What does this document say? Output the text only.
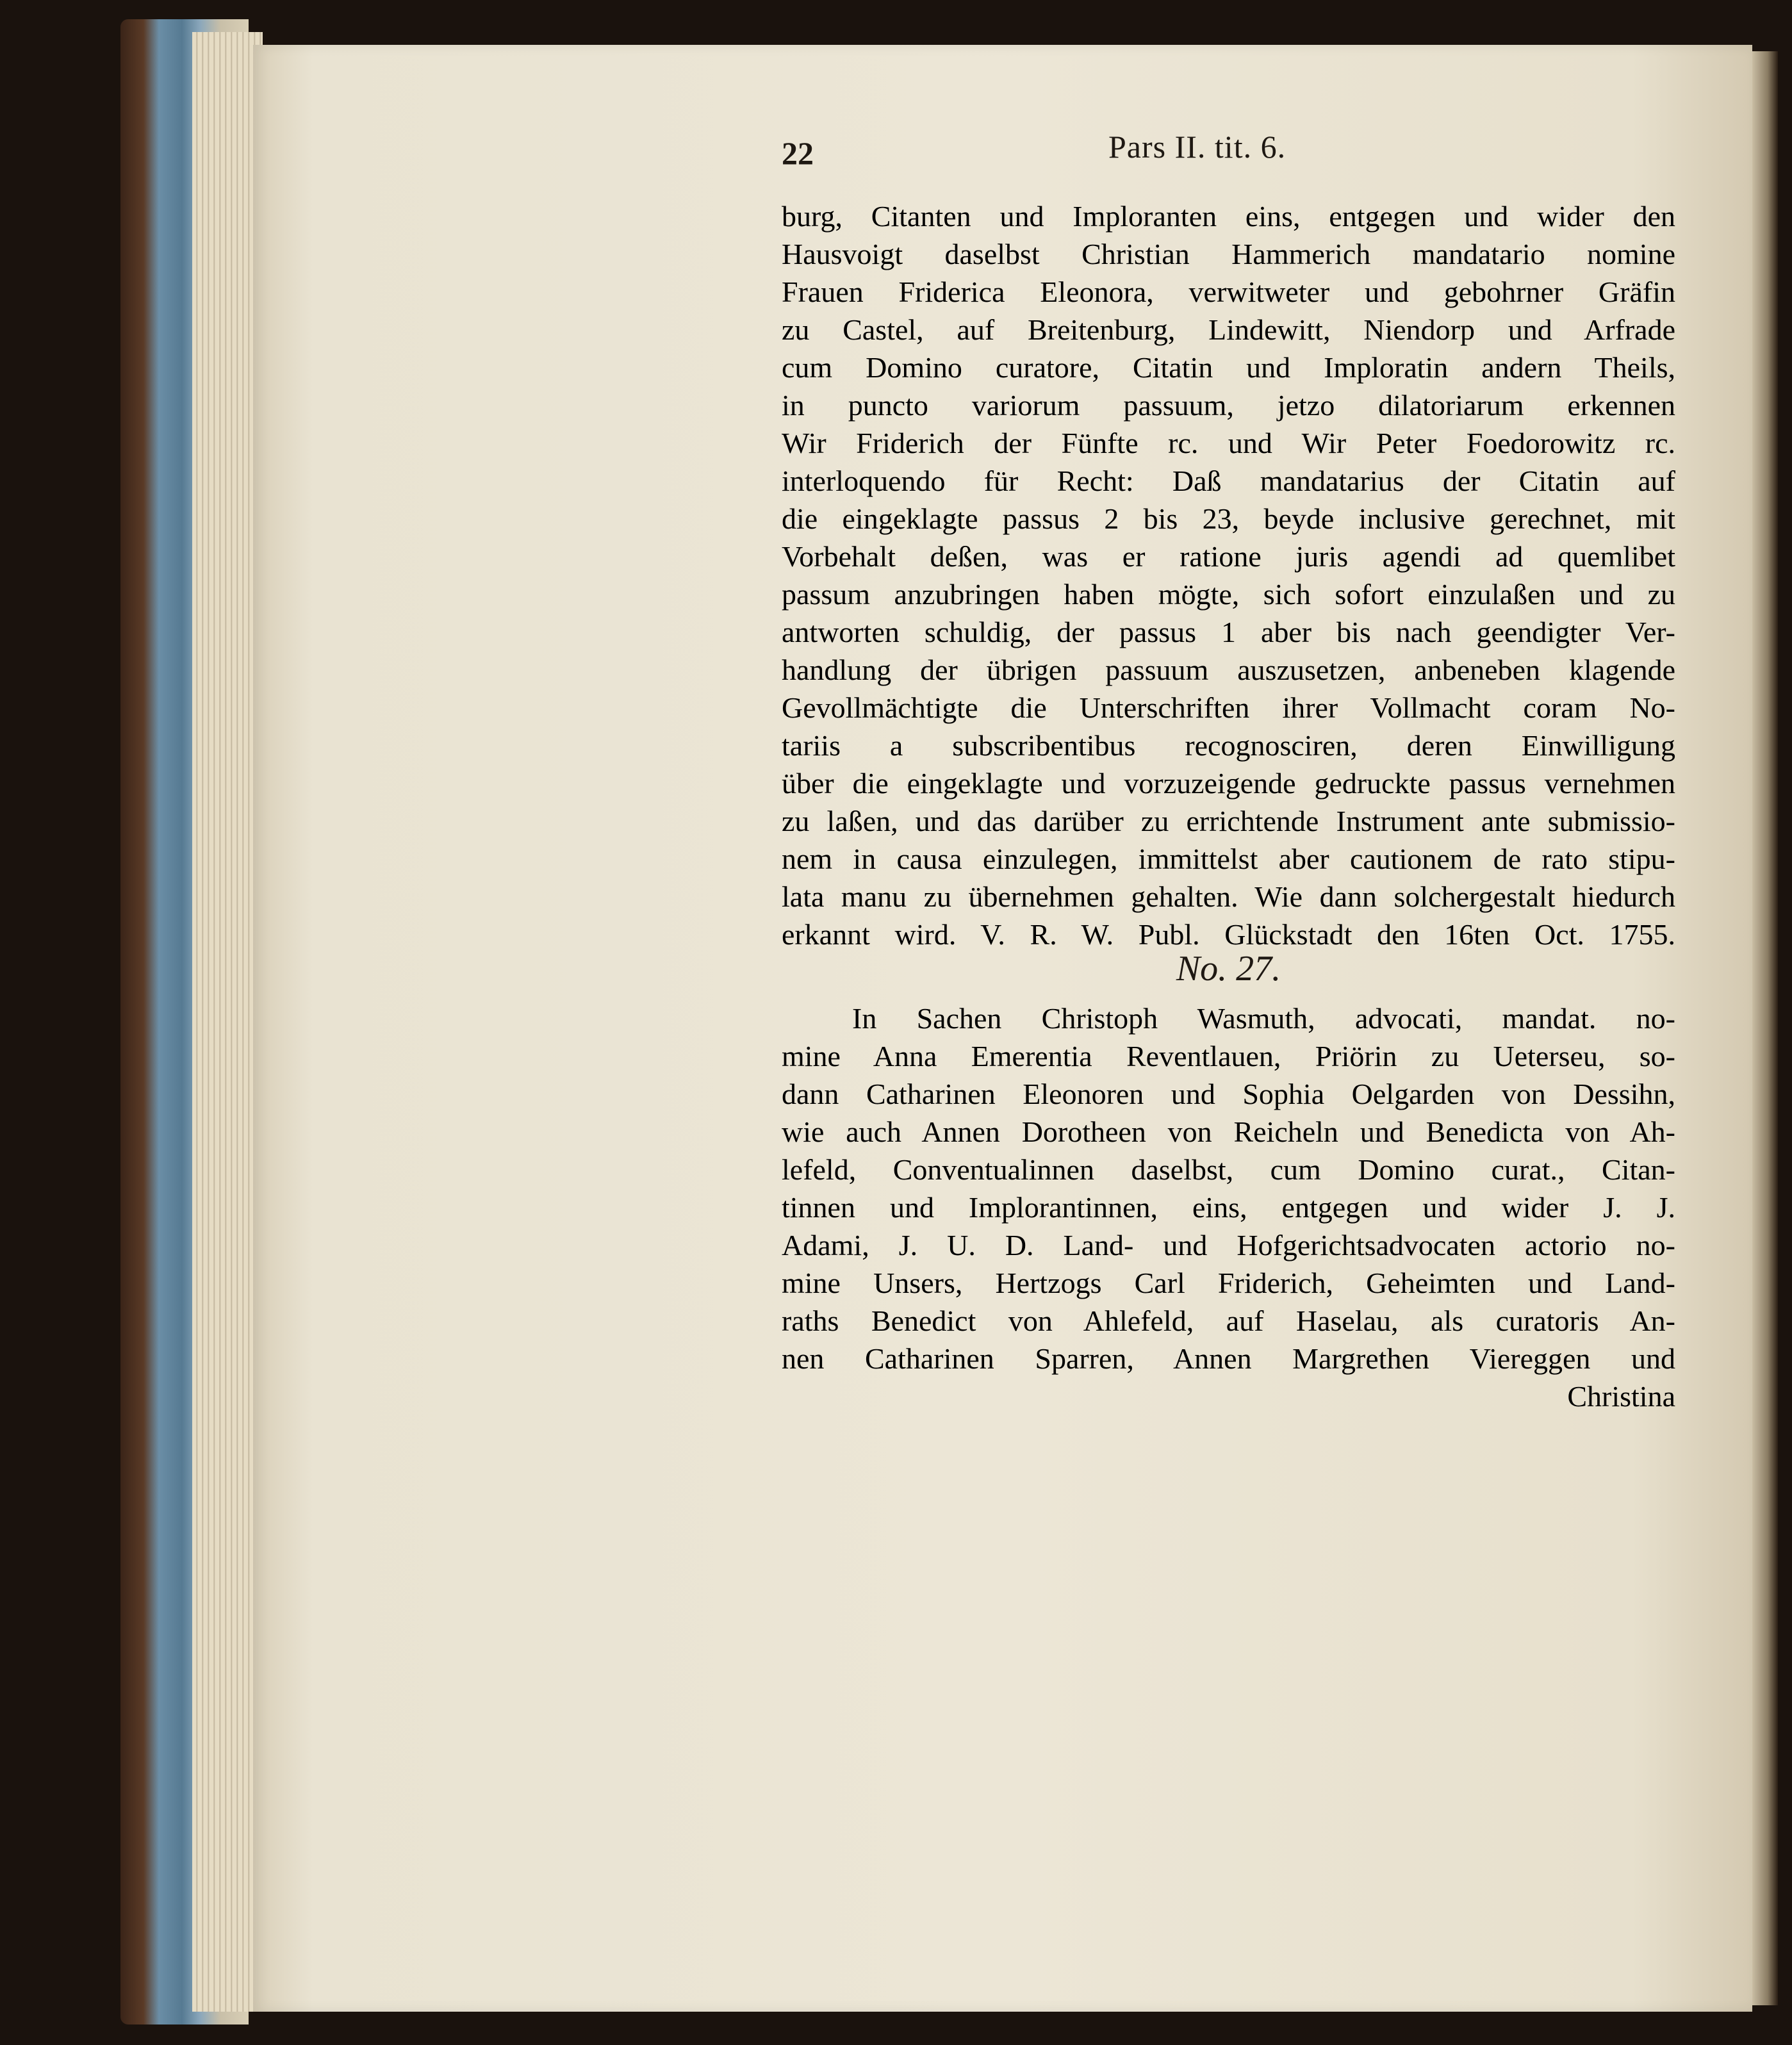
22	Pars II. tit. 6.
burg, Citanten und Imploranten eins, entgegen und wider den
Hausvoigt daselbst Christian Hammerich mandatario nomine
Frauen Friderica Eleonora, verwitweter und gebohrner Gräfin
zu Castel, auf Breitenburg, Lindewitt, Niendorp und Arfrade
cum Domino curatore, Citatin und Imploratin andern Theils,
in puncto variorum passuum, jetzo dilatoriarum erkennen
Wir Friderich der Fünfte rc. und Wir Peter Foedorowitz rc.
interloquendo für Recht: Daß mandatarius der Citatin auf
die eingeklagte passus 2 bis 23, beyde inclusive gerechnet, mit
Vorbehalt deßen, was er ratione juris agendi ad quemlibet
passum anzubringen haben mögte, sich sofort einzulaßen und zu
antworten schuldig, der passus 1 aber bis nach geendigter Ver-
handlung der übrigen passuum auszusetzen, anbeneben klagende
Gevollmächtigte die Unterschriften ihrer Vollmacht coram No-
tariis a subscribentibus recognosciren, deren Einwilligung
über die eingeklagte und vorzuzeigende gedruckte passus vernehmen
zu laßen, und das darüber zu errichtende Instrument ante submissio-
nem in causa einzulegen, immittelst aber cautionem de rato stipu-
lata manu zu übernehmen gehalten. Wie dann solchergestalt hiedurch
erkannt wird. V. R. W. Publ. Glückstadt den 16ten Oct. 1755.
No. 27.
In Sachen Christoph Wasmuth, advocati, mandat. no-
mine Anna Emerentia Reventlauen, Priörin zu Ueterseu, so-
dann Catharinen Eleonoren und Sophia Oelgarden von Dessihn,
wie auch Annen Dorotheen von Reicheln und Benedicta von Ah-
lefeld, Conventualinnen daselbst, cum Domino curat., Citan-
tinnen und Implorantinnen, eins, entgegen und wider J. J.
Adami, J. U. D. Land- und Hofgerichtsadvocaten actorio no-
mine Unsers, Hertzogs Carl Friderich, Geheimten und Land-
raths Benedict von Ahlefeld, auf Haselau, als curatoris An-
nen Catharinen Sparren, Annen Margrethen Viereggen und
Christina
